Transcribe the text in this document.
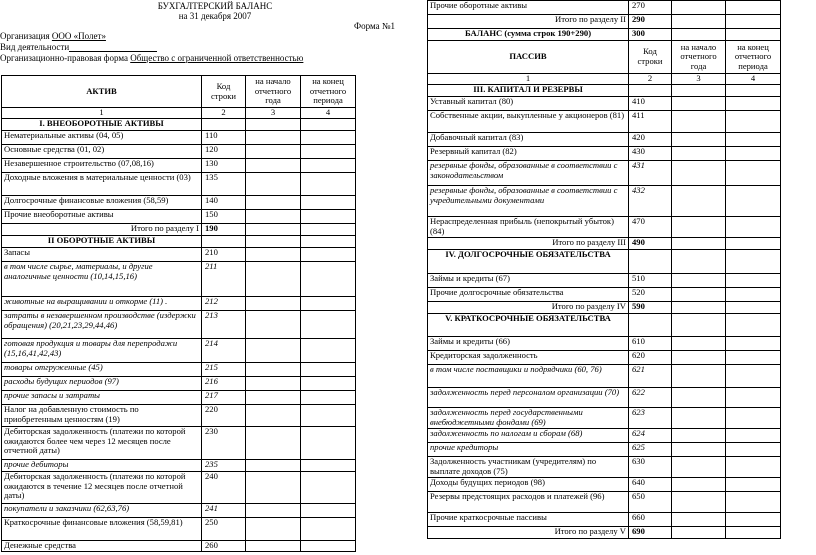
БУХГАЛТЕРСКИЙ БАЛАНС
на 31 декабря 2007
Форма №1
Организация ООО «Полет»
Вид деятельности
Организационно-правовая форма Общество с ограниченной ответственностью
АКТИВ	Код строки	на начало отчетного года	на конец отчетного периода
1	2	3	4
I. ВНЕОБОРОТНЫЕ АКТИВЫ			
Нематериальные активы (04, 05)	110		
Основные средства (01, 02)	120		
Незавершенное строительство (07,08,16)	130		
Доходные вложения в материальные ценности (03)	135		
Долгосрочные финансовые вложения (58,59)	140		
Прочие внеоборотные активы	150		
Итого по разделу I	190		
II ОБОРОТНЫЕ АКТИВЫ			
Запасы	210		
в том числе сырье, материалы, и другие аналогичные ценности (10,14,15,16)	211		
животные на выращивании и откорме (11) .	212		
затраты в незавершенном производстве (издержки обращения) (20,21,23,29,44,46)	213		
готовая продукция и товары для перепродажи (15,16,41,42,43)	214		
товары отгруженные (45)	215		
расходы будущих периодов (97)	216		
прочие запасы и затраты	217		
Налог на добавленную стоимость по приобретенным ценностям (19)	220		
Дебиторская задолженность (платежи по которой ожидаются более чем через 12 месяцев после отчетной даты)	230		
прочие дебиторы	235		
Дебиторская задолженность (платежи по которой ожидаются в течение 12 месяцев после отчетной даты)	240		
покупатели и заказчики (62,63,76)	241		
Краткосрочные финансовые вложения (58,59,81)	250		
Денежные средства	260		
Прочие оборотные активы	270		
Итого по разделу II	290		
БАЛАНС (сумма строк 190+290)	300		
ПАССИВ	Код строки	на начало отчетного года	на конец отчетного периода
1	2	3	4
III. КАПИТАЛ И РЕЗЕРВЫ			
Уставный капитал (80)	410		
Собственные акции, выкупленные у акционеров (81)	411		
Добавочный капитал (83)	420		
Резервный капитал (82)	430		
резервные фонды, образованные в соответствии с законодательством	431		
резервные фонды, образованные в соответствии с учредительными документами	432		
Нераспределенная прибыль (непокрытый убыток) (84)	470		
Итого по разделу III	490		
IV. ДОЛГОСРОЧНЫЕ ОБЯЗАТЕЛЬСТВА			
Займы и кредиты (67)	510		
Прочие долгосрочные обязательства	520		
Итого по разделу IV	590		
V. КРАТКОСРОЧНЫЕ ОБЯЗАТЕЛЬСТВА			
Займы и кредиты (66)	610		
Кредиторская задолженность	620		
в том числе поставщики и подрядчики (60, 76)	621		
задолженность перед персоналом организации (70)	622		
задолженность перед государственными внебюджетными фондами (69)	623		
задолженность по налогам и сборам (68)	624		
прочие кредиторы	625		
Задолженность участникам (учредителям) по выплате доходов (75)	630		
Доходы будущих периодов (98)	640		
Резервы предстоящих расходов и платежей (96)	650		
Прочие краткосрочные пассивы	660		
Итого по разделу V	690		
